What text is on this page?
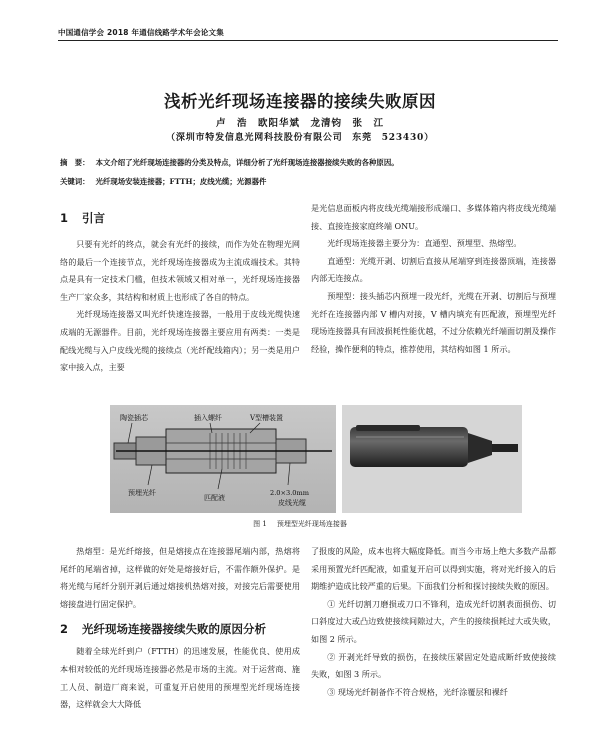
中国通信学会 2018 年通信线路学术年会论文集
浅析光纤现场连接器的接续失败原因
卢　浩　欧阳华斌　龙清钧　张　江
（深圳市特发信息光网科技股份有限公司　东莞　523430）
摘　要： 本文介绍了光纤现场连接器的分类及特点，详细分析了光纤现场连接器接续失败的各种原因。
关键词： 光纤现场安装连接器；FTTH；皮线光缆；光源器件
1 引言

只要有光纤的终点，就会有光纤的接续，而作为处在物理光网络的最后一个连接节点，光纤现场连接器成为主流成端技术。其特点是具有一定技术门槛，但技术领域又相对单一，光纤现场连接器生产厂家众多，其结构和材质上也形成了各自的特点。

光纤现场连接器又叫光纤快速连接器，一般用于皮线光缆快速成端的无源器件。目前，光纤现场连接器主要应用有两类：一类是配线光缆与入户皮线光缆的接续点（光纤配线箱内）；另一类是用户家中接入点，主要

是光信息面板内将皮线光缆端接形成端口、多媒体箱内将皮线光缆端接、直接连接家庭终端 ONU。

光纤现场连接器主要分为：直通型、预埋型、热熔型。

直通型：光缆开剥、切割后直接从尾端穿到连接器顶端，连接器内部无连接点。

预埋型：接头插芯内预埋一段光纤，光缆在开剥、切割后与预埋光纤在连接器内部 V 槽内对接，V 槽内填充有匹配液，预埋型光纤现场连接器具有回波损耗性能优越，不过分依赖光纤端面切割及操作经验，操作便利的特点，推荐使用，其结构如图 1 所示。

陶瓷插芯	插入螺纤	V型槽装置
预埋光纤
匹配液
2.0×3.0mm
皮线光缆
图 1 预埋型光纤现场连接器

热熔型：是光纤熔接，但是熔接点在连接器尾端内部，热熔将尾纤的尾端省掉，这样做的好处是熔接好后，不需作额外保护。是将光缆与尾纤分别开剥后通过熔接机热熔对接，对接完后需要使用熔接盘进行固定保护。

2 光纤现场连接器接续失败的原因分析

随着全球光纤到户（FTTH）的迅速发展，性能优良、使用成本相对较低的光纤现场连接器必然是市场的主流。对于运营商、施工人员、制造厂商来说，可重复开启使用的预埋型光纤现场连接器，这样就会大大降低

了报废的风险，成本也将大幅度降低。而当今市场上绝大多数产品都采用预置光纤匹配液，如重复开启可以得到实施，将对光纤接入的后期维护造成比较严重的后果。下面我们分析和探讨接续失败的原因。

① 光纤切割刀磨损或刀口不锋利，造成光纤切割表面损伤、切口斜度过大或凸边致使接续间隙过大，产生的接续损耗过大或失败，如图 2 所示。

② 开剥光纤导致的损伤，在接续压紧固定处造成断纤致使接续失败，如图 3 所示。

③ 现场光纤制备作不符合规格，光纤涂覆层和裸纤
